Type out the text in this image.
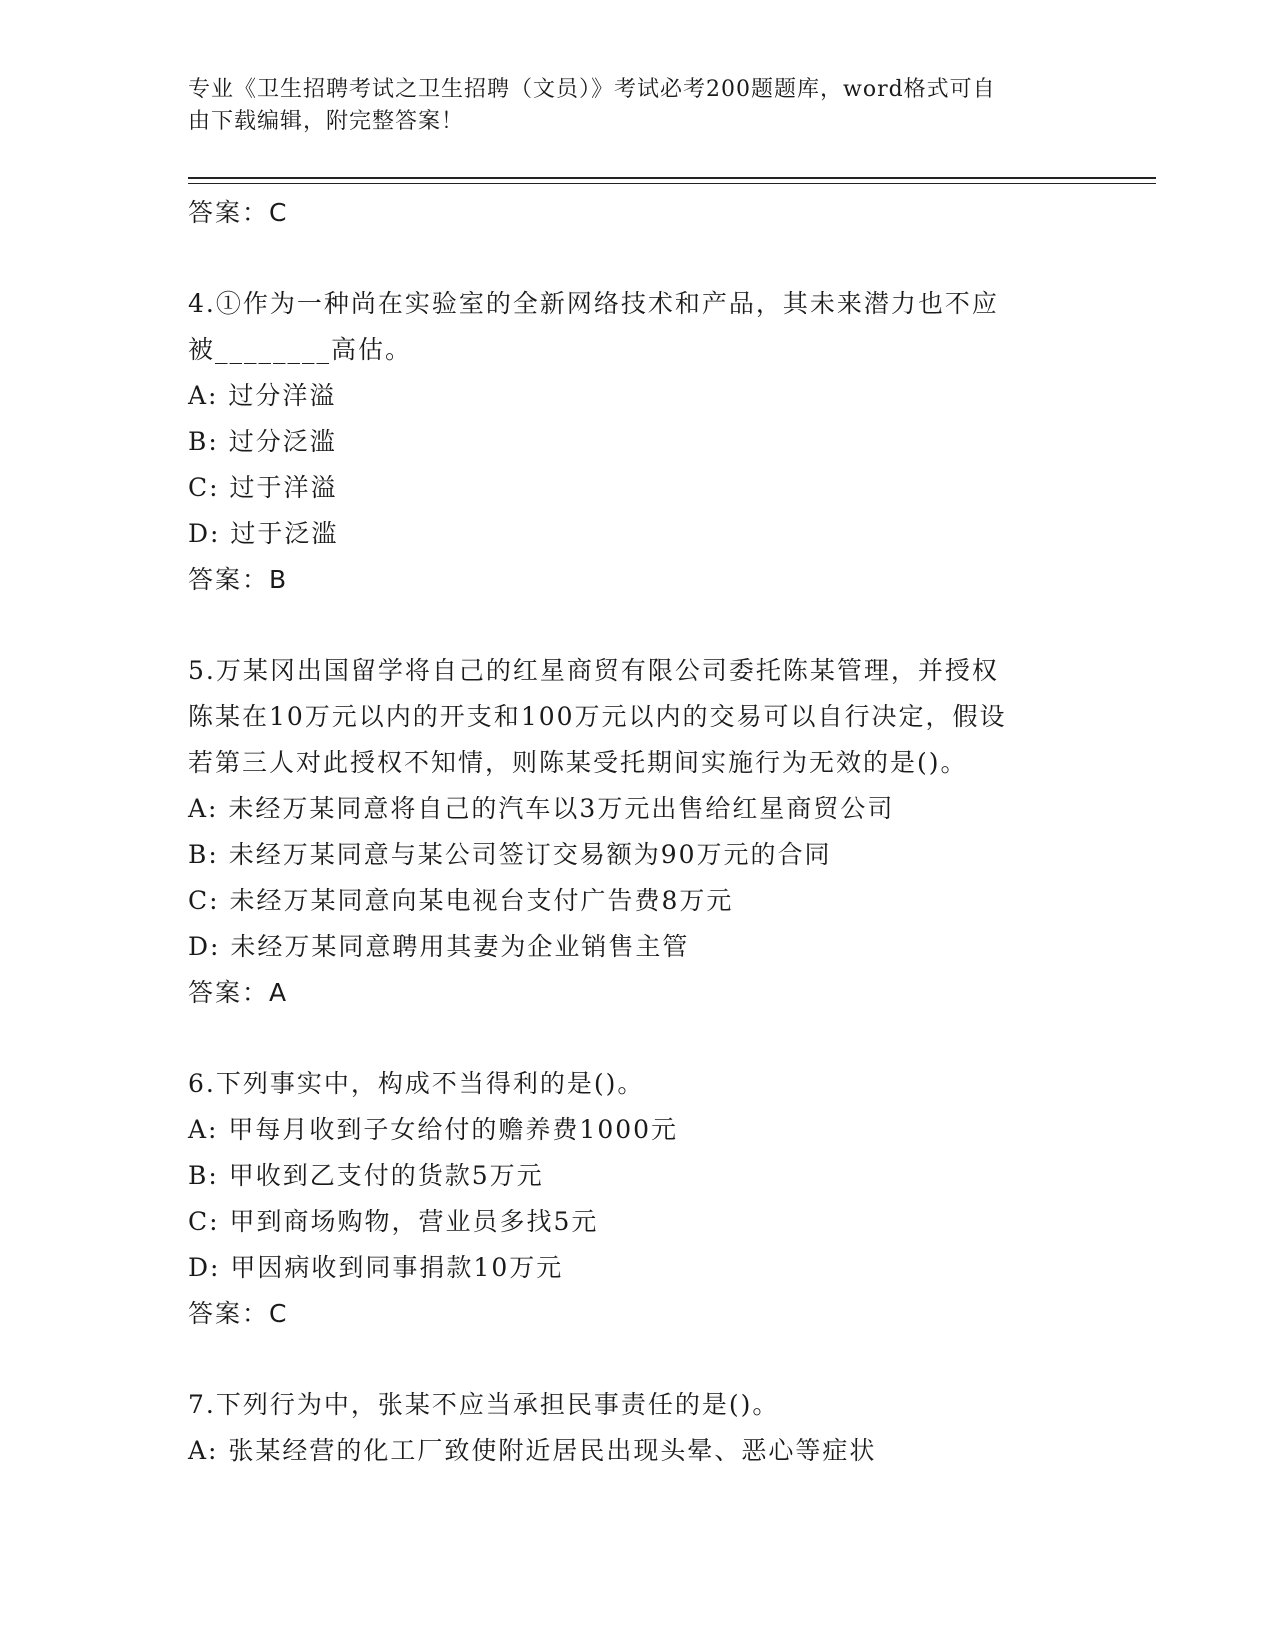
专业《卫生招聘考试之卫生招聘（文员）》考试必考200题题库，word格式可自
由下载编辑，附完整答案！
答案：C
4.①作为一种尚在实验室的全新网络技术和产品，其未来潜力也不应
被________高估。
A: 过分洋溢
B: 过分泛滥
C: 过于洋溢
D: 过于泛滥
答案：B
5.万某冈出国留学将自己的红星商贸有限公司委托陈某管理，并授权
陈某在10万元以内的开支和100万元以内的交易可以自行决定，假设
若第三人对此授权不知情，则陈某受托期间实施行为无效的是()。
A: 未经万某同意将自己的汽车以3万元出售给红星商贸公司
B: 未经万某同意与某公司签订交易额为90万元的合同
C: 未经万某同意向某电视台支付广告费8万元
D: 未经万某同意聘用其妻为企业销售主管
答案：A
6.下列事实中，构成不当得利的是()。
A: 甲每月收到子女给付的赡养费1000元
B: 甲收到乙支付的货款5万元
C: 甲到商场购物，营业员多找5元
D: 甲因病收到同事捐款10万元
答案：C
7.下列行为中，张某不应当承担民事责任的是()。
A: 张某经营的化工厂致使附近居民出现头晕、恶心等症状
